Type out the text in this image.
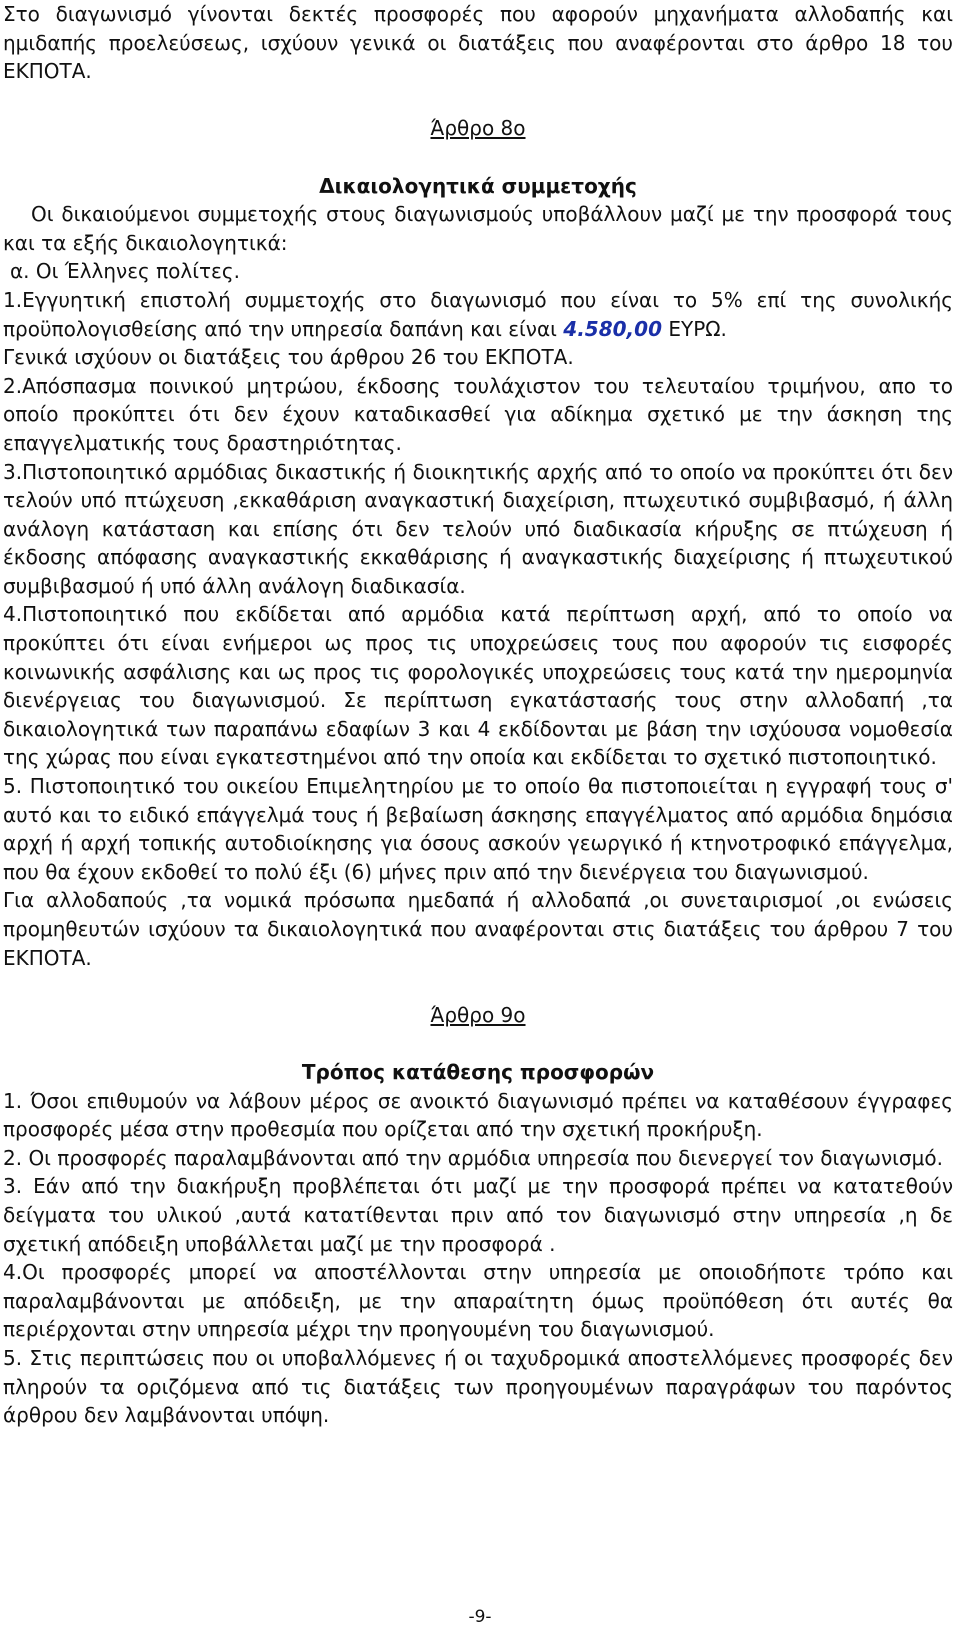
Στο διαγωνισμό γίνονται δεκτές προσφορές που αφορούν μηχανήματα αλλοδαπής και ημιδαπής προελεύσεως, ισχύουν γενικά οι διατάξεις που αναφέρονται στο άρθρο 18 του ΕΚΠΟΤΑ.

Άρθρο 8ο

Δικαιολογητικά συμμετοχής

Οι δικαιούμενοι συμμετοχής στους διαγωνισμούς υποβάλλουν μαζί με την προσφορά τους και τα εξής δικαιολογητικά:

α. Οι Έλληνες πολίτες.

1.Εγγυητική επιστολή συμμετοχής στο διαγωνισμό που είναι το 5% επί της συνολικής προϋπολογισθείσης από την υπηρεσία δαπάνη και είναι 4.580,00 ΕΥΡΩ.

Γενικά ισχύουν οι διατάξεις του άρθρου 26 του ΕΚΠΟΤΑ.

2.Απόσπασμα ποινικού μητρώου, έκδοσης τουλάχιστον του τελευταίου τριμήνου, απο το οποίο προκύπτει ότι δεν έχουν καταδικασθεί για αδίκημα σχετικό με την άσκηση της επαγγελματικής τους δραστηριότητας.

3.Πιστοποιητικό αρμόδιας δικαστικής ή διοικητικής αρχής από το οποίο να προκύπτει ότι δεν τελούν υπό πτώχευση ,εκκαθάριση αναγκαστική διαχείριση, πτωχευτικό συμβιβασμό, ή άλλη ανάλογη κατάσταση και επίσης ότι δεν τελούν υπό διαδικασία κήρυξης σε πτώχευση ή έκδοσης απόφασης αναγκαστικής εκκαθάρισης ή αναγκαστικής διαχείρισης ή πτωχευτικού συμβιβασμού ή υπό άλλη ανάλογη διαδικασία.

4.Πιστοποιητικό που εκδίδεται από αρμόδια κατά περίπτωση αρχή, από το οποίο να προκύπτει ότι είναι ενήμεροι ως προς τις υποχρεώσεις τους που αφορούν τις εισφορές κοινωνικής ασφάλισης και ως προς τις φορολογικές υποχρεώσεις τους κατά την ημερομηνία διενέργειας του διαγωνισμού. Σε περίπτωση εγκατάστασής τους στην αλλοδαπή ,τα δικαιολογητικά των παραπάνω εδαφίων 3 και 4 εκδίδονται με βάση την ισχύουσα νομοθεσία της χώρας που είναι εγκατεστημένοι από την οποία και εκδίδεται το σχετικό πιστοποιητικό.

5. Πιστοποιητικό του οικείου Επιμελητηρίου με το οποίο θα πιστοποιείται η εγγραφή τους σ' αυτό και το ειδικό επάγγελμά τους ή βεβαίωση άσκησης επαγγέλματος από αρμόδια δημόσια αρχή ή αρχή τοπικής αυτοδιοίκησης για όσους ασκούν γεωργικό ή κτηνοτροφικό επάγγελμα, που θα έχουν εκδοθεί το πολύ έξι (6) μήνες πριν από την διενέργεια του διαγωνισμού.

Για αλλοδαπούς ,τα νομικά πρόσωπα ημεδαπά ή αλλοδαπά ,οι συνεταιρισμοί ,οι ενώσεις προμηθευτών ισχύουν τα δικαιολογητικά που αναφέρονται στις διατάξεις του άρθρου 7 του ΕΚΠΟΤΑ.

Άρθρο 9ο

Τρόπος κατάθεσης προσφορών

1. Όσοι επιθυμούν να λάβουν μέρος σε ανοικτό διαγωνισμό πρέπει να καταθέσουν έγγραφες προσφορές μέσα στην προθεσμία που ορίζεται από την σχετική προκήρυξη.

2. Οι προσφορές παραλαμβάνονται από την αρμόδια υπηρεσία που διενεργεί τον διαγωνισμό.

3. Εάν από την διακήρυξη προβλέπεται ότι μαζί με την προσφορά πρέπει να κατατεθούν δείγματα του υλικού ,αυτά κατατίθενται πριν από τον διαγωνισμό στην υπηρεσία ,η δε σχετική απόδειξη υποβάλλεται μαζί με την προσφορά .

4.Οι προσφορές μπορεί να αποστέλλονται στην υπηρεσία με οποιοδήποτε τρόπο και παραλαμβάνονται με απόδειξη, με την απαραίτητη όμως προϋπόθεση ότι αυτές θα περιέρχονται στην υπηρεσία μέχρι την προηγουμένη του διαγωνισμού.

5. Στις περιπτώσεις που οι υποβαλλόμενες ή οι ταχυδρομικά αποστελλόμενες προσφορές δεν πληρούν τα οριζόμενα από τις διατάξεις των προηγουμένων παραγράφων του παρόντος άρθρου δεν λαμβάνονται υπόψη.

-9-
